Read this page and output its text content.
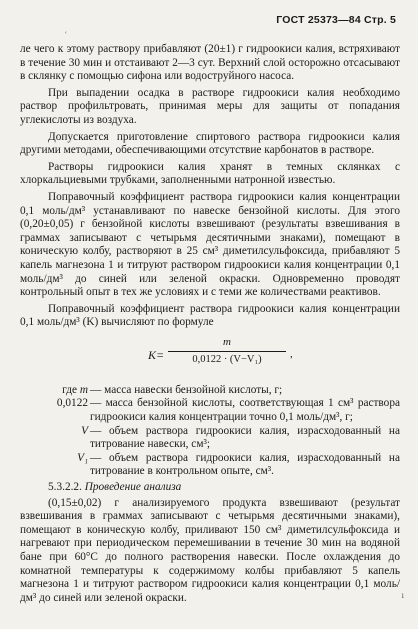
ГОСТ 25373—84 Стр. 5
ʿ

ле чего к этому раствору прибавляют (20±1) г гидроокиси калия, встряхивают в течение 30 мин и отстаивают 2—3 сут. Верхний слой осторожно отсасывают в склянку с помощью сифона или водоструйного насоса.

При выпадении осадка в растворе гидроокиси калия необходимо раствор профильтровать, принимая меры для защиты от попадания углекислоты из воздуха.

Допускается приготовление спиртового раствора гидроокиси калия другими методами, обеспечивающими отсутствие карбонатов в растворе.

Растворы гидроокиси калия хранят в темных склянках с хлоркальциевыми трубками, заполненными натронной известью.

Поправочный коэффициент раствора гидроокиси калия концентрации 0,1 моль/дм³ устанавливают по навеске бензойной кислоты. Для этого (0,20±0,05) г бензойной кислоты взвешивают (результаты взвешивания в граммах записывают с четырьмя десятичными знаками), помещают в коническую колбу, растворяют в 25 см³ диметилсульфоксида, прибавляют 5 капель магнезона 1 и титруют раствором гидроокиси калия концентрации 0,1 моль/дм³ до синей или зеленой окраски. Одновременно проводят контрольный опыт в тех же условиях и с теми же количествами реактивов.

Поправочный коэффициент раствора гидроокиси калия концентрации 0,1 моль/дм³ (K) вычисляют по формуле

K=
m
0,0122 · (V−V₁)	,
где m — масса навески бензойной кислоты, г;
0,0122 — масса бензойной кислоты, соответствующая 1 см³ раствора гидроокиси калия концентрации точно 0,1 моль/дм³, г;
V — объем раствора гидроокиси калия, израсходованный на титрование навески, см³;
V₁ — объем раствора гидроокиси калия, израсходованный на титрование в контрольном опыте, см³.

5.3.2.2. Проведение анализа

(0,15±0,02) г анализируемого продукта взвешивают (результат взвешивания в граммах записывают с четырьмя десятичными знаками), помещают в коническую колбу, приливают 150 см³ диметилсульфоксида и нагревают при периодическом перемешивании в течение 30 мин на водяной бане при 60°С до полного растворения навески. После охлаждения до комнатной температуры к содержимому колбы прибавляют 5 капель магнезона 1 и титруют раствором гидроокиси калия концентрации 0,1 моль/дм³ до синей или зеленой окраски.	ı
